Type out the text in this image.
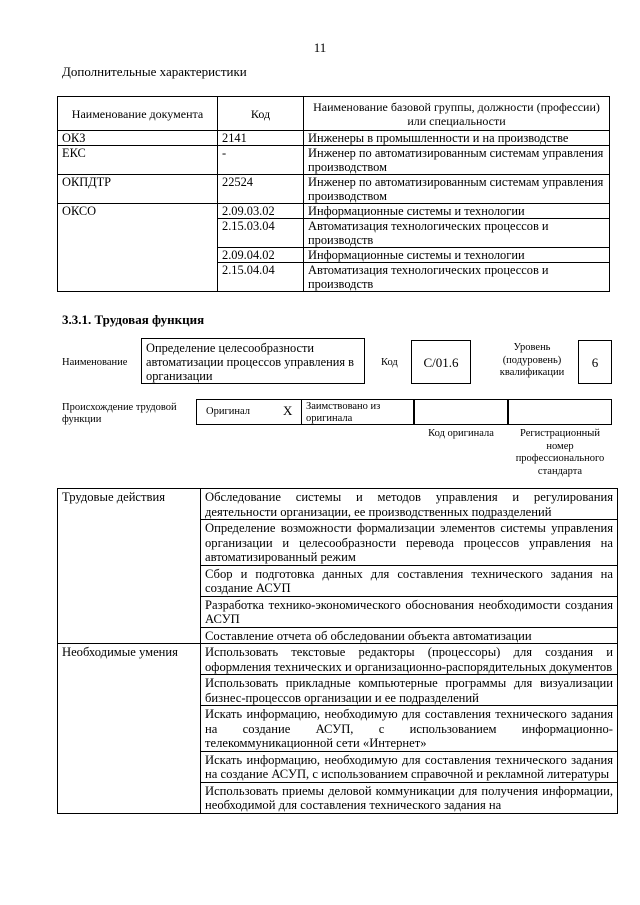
11
Дополнительные характеристики
Наименование документа	Код	Наименование базовой группы, должности (профессии) или специальности
ОКЗ	2141	Инженеры в промышленности и на производстве
ЕКС	-	Инженер по автоматизированным системам управления производством
ОКПДТР	22524	Инженер по автоматизированным системам управления производством
ОКСО	2.09.03.02	Информационные системы и технологии
	2.15.03.04	Автоматизация технологических процессов и производств
	2.09.04.02	Информационные системы и технологии
	2.15.04.04	Автоматизация технологических процессов и производств
3.3.1. Трудовая функция
Наименование
Определение целесообразности автоматизации процессов управления в организации
Код	С/01.6
Уровень (подуровень) квалификации
6
Происхождение трудовой функции
Оригинал	X Заимствовано из оригинала
Код оригинала	Регистрационный номер профессионального стандарта
Трудовые действия	Обследование системы и методов управления и регулирования деятельности организации, ее производственных подразделений
	Определение возможности формализации элементов системы управления организации и целесообразности перевода процессов управления на автоматизированный режим
	Сбор и подготовка данных для составления технического задания на создание АСУП
	Разработка технико-экономического обоснования необходимости создания АСУП
	Составление отчета об обследовании объекта автоматизации
Необходимые умения	Использовать текстовые редакторы (процессоры) для создания и оформления технических и организационно-распорядительных документов
	Использовать прикладные компьютерные программы для визуализации бизнес-процессов организации и ее подразделений
	Искать информацию, необходимую для составления технического задания на создание АСУП, с использованием информационно-телекоммуникационной сети «Интернет»
	Искать информацию, необходимую для составления технического задания на создание АСУП, с использованием справочной и рекламной литературы
	Использовать приемы деловой коммуникации для получения информации, необходимой для составления технического задания на
